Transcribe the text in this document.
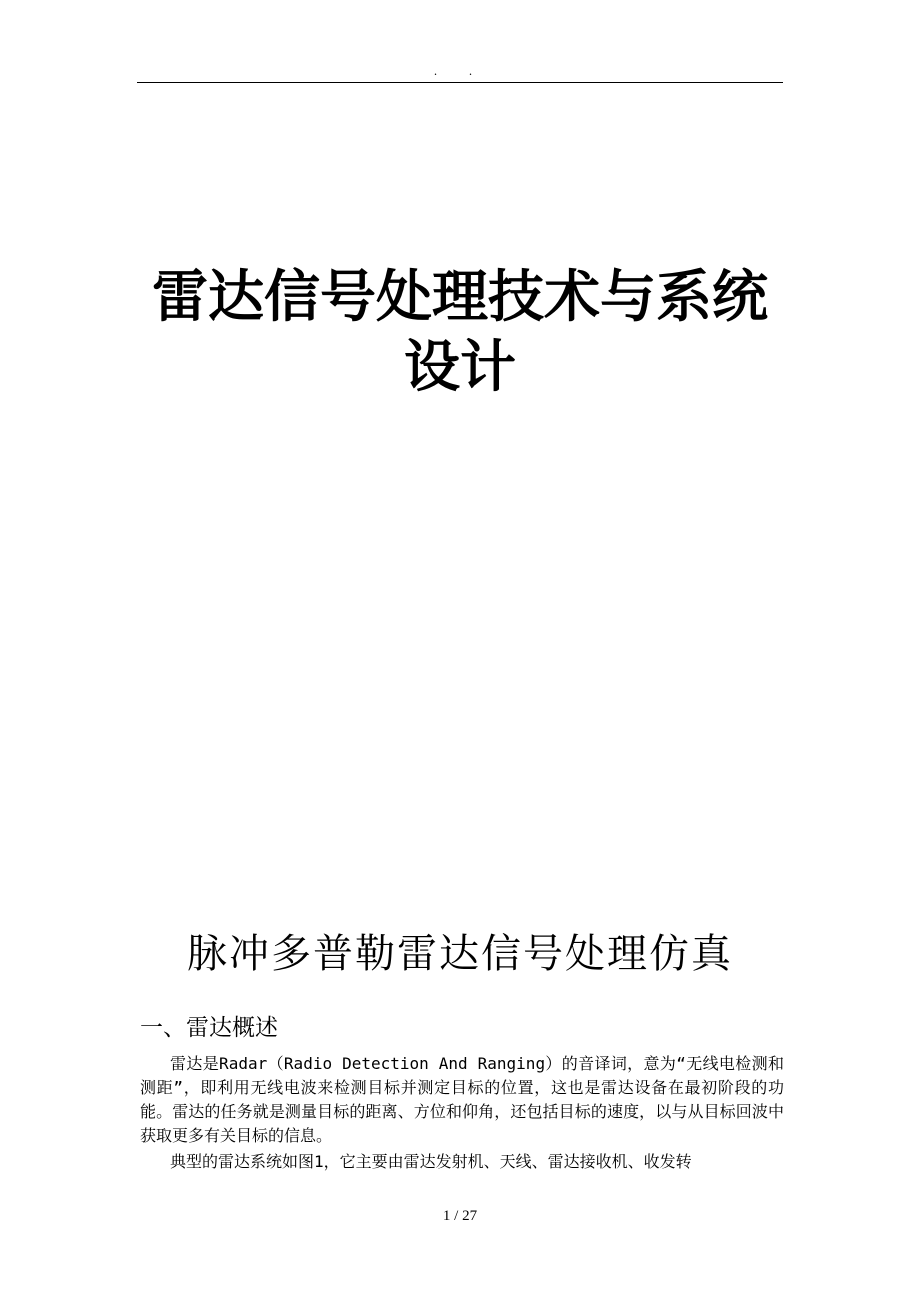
. .
雷达信号处理技术与系统设计
脉冲多普勒雷达信号处理仿真
一、雷达概述
雷达是Radar（Radio Detection And Ranging）的音译词，意为“无线电检测和测距”，即利用无线电波来检测目标并测定目标的位置，这也是雷达设备在最初阶段的功能。雷达的任务就是测量目标的距离、方位和仰角，还包括目标的速度，以与从目标回波中获取更多有关目标的信息。
典型的雷达系统如图1，它主要由雷达发射机、天线、雷达接收机、收发转
1 / 27
